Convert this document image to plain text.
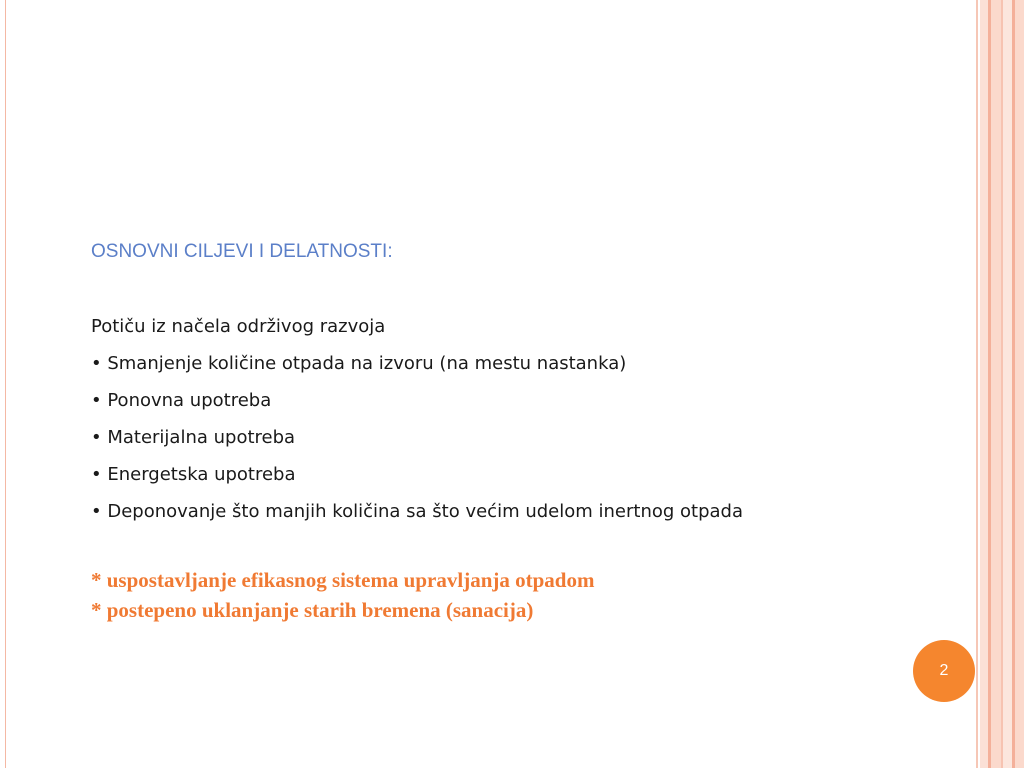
OSNOVNI CILJEVI I DELATNOSTI:
Potiču iz načela održivog razvoja
• Smanjenje količine otpada na izvoru (na mestu nastanka)
• Ponovna upotreba
• Materijalna upotreba
• Energetska upotreba
• Deponovanje što manjih količina sa što većim udelom inertnog otpada
* uspostavljanje efikasnog sistema upravljanja otpadom
* postepeno uklanjanje starih bremena (sanacija)
2
